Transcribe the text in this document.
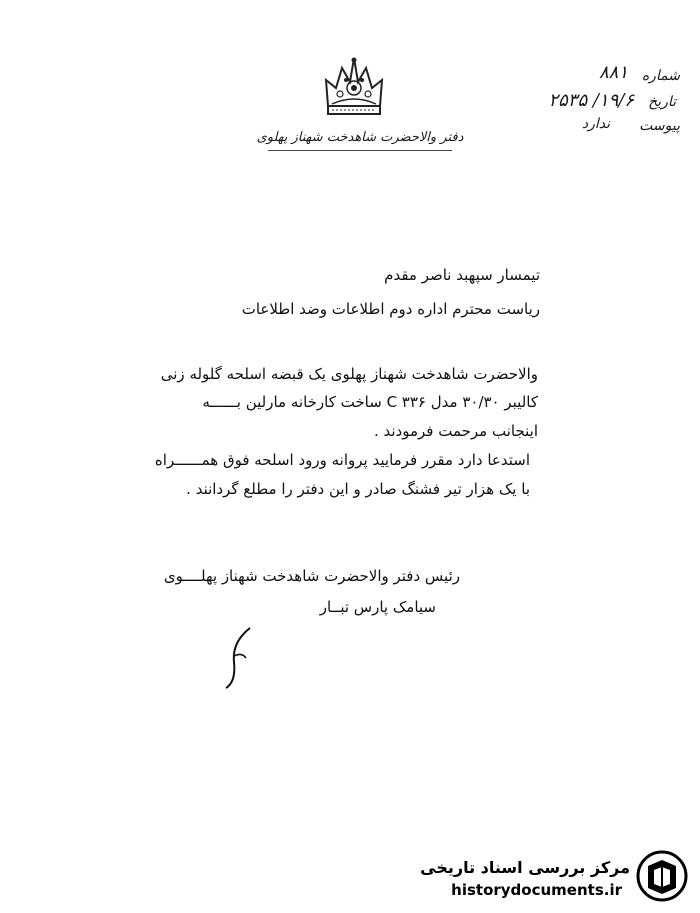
دفتر والاحضرت شاهدخت شهناز پهلوی
شماره
۸۸۱
تاریخ
۱۹/۶/ ۲۵۳۵
پیوست
ندارد
تیمسار سپهبد ناصر مقدم
ریاست محترم اداره دوم اطلاعات وضد اطلاعات
والاحضرت شاهدخت شهناز پهلوی یک قبضه اسلحه گلوله زنی
کالیبر ۳۰/۳۰ مدل C ۳۳۶ ساخت کارخانه مارلین بــــــه
اینجانب مرحمت فرمودند .
استدعا دارد مقرر فرمایید پروانه ورود اسلحه فوق همــــــراه
با یک هزار تیر فشنگ صادر و این دفتر را مطلع گردانند .
رئیس دفتر والاحضرت شاهدخت شهناز پهلــــوی
سیامک پارس تبــار
مرکز بررسی اسناد تاریخی
historydocuments.ir
